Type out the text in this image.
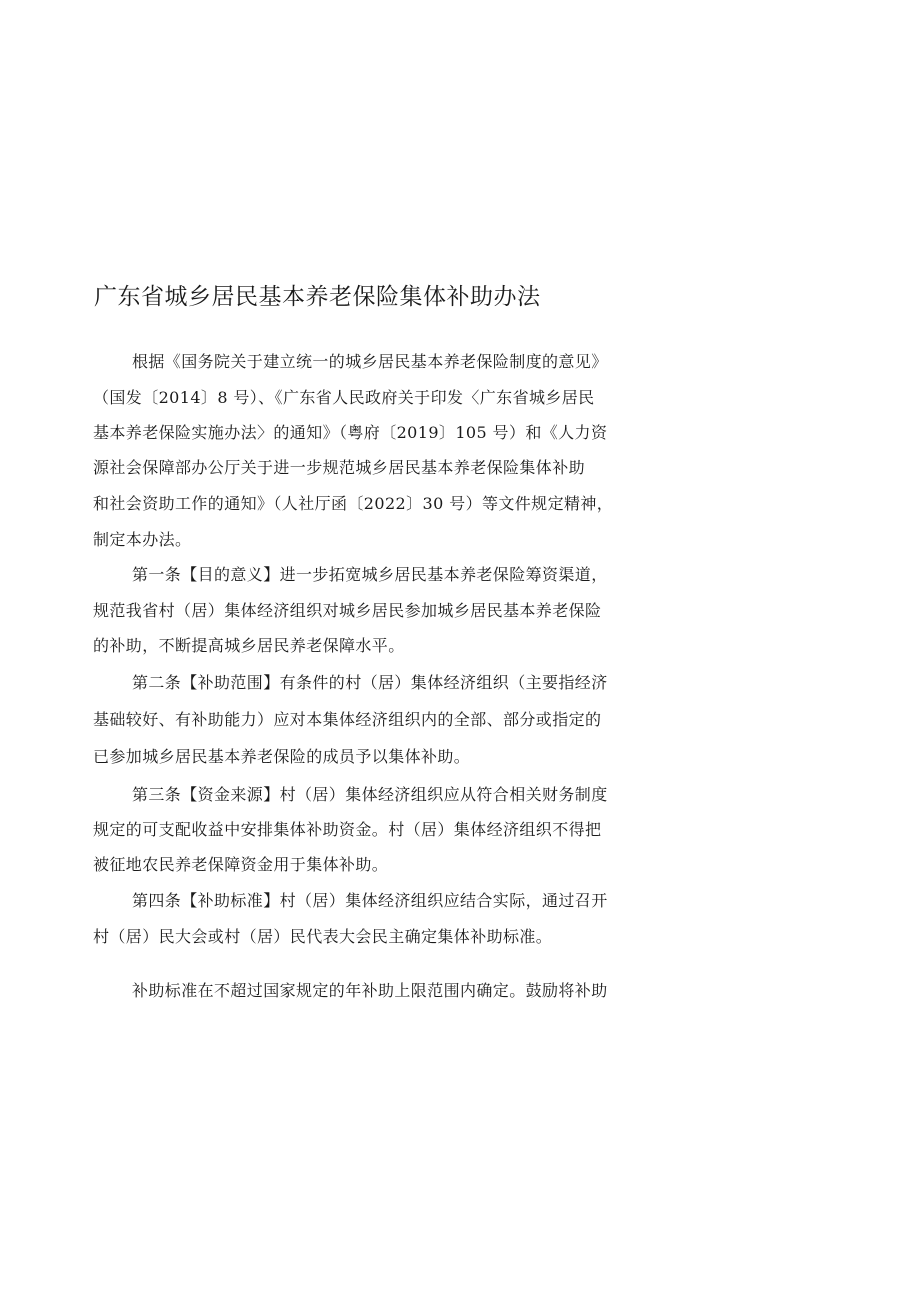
广东省城乡居民基本养老保险集体补助办法

根据《国务院关于建立统一的城乡居民基本养老保险制度的意见》

（国发〔2014〕8 号）、《广东省人民政府关于印发〈广东省城乡居民

基本养老保险实施办法〉的通知》（粤府〔2019〕105 号）和《人力资

源社会保障部办公厅关于进一步规范城乡居民基本养老保险集体补助

和社会资助工作的通知》（人社厅函〔2022〕30 号）等文件规定精神，

制定本办法。

第一条【目的意义】进一步拓宽城乡居民基本养老保险筹资渠道，

规范我省村（居）集体经济组织对城乡居民参加城乡居民基本养老保险

的补助，不断提高城乡居民养老保障水平。

第二条【补助范围】有条件的村（居）集体经济组织（主要指经济

基础较好、有补助能力）应对本集体经济组织内的全部、部分或指定的

已参加城乡居民基本养老保险的成员予以集体补助。

第三条【资金来源】村（居）集体经济组织应从符合相关财务制度

规定的可支配收益中安排集体补助资金。村（居）集体经济组织不得把

被征地农民养老保障资金用于集体补助。

第四条【补助标准】村（居）集体经济组织应结合实际，通过召开

村（居）民大会或村（居）民代表大会民主确定集体补助标准。

补助标准在不超过国家规定的年补助上限范围内确定。鼓励将补助
